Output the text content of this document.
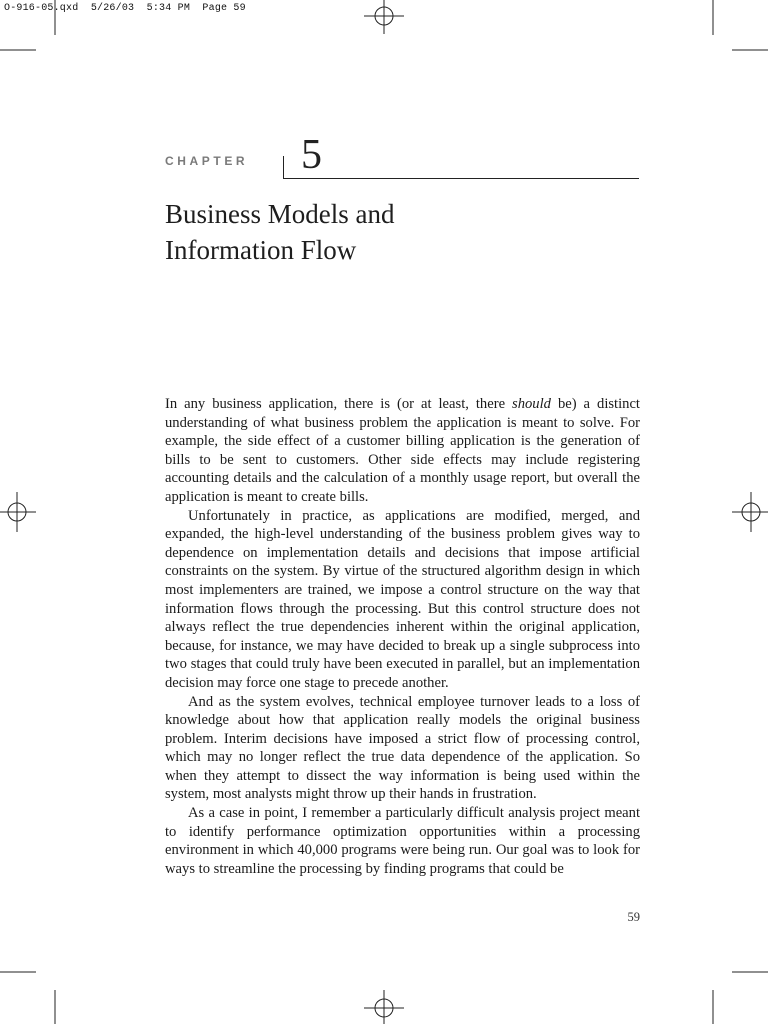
O-916-05.qxd  5/26/03  5:34 PM  Page 59
CHAPTER 5
Business Models and
Information Flow

In any business application, there is (or at least, there should be) a distinct understanding of what business problem the application is meant to solve. For example, the side effect of a customer billing application is the generation of bills to be sent to customers. Other side effects may include registering accounting details and the calculation of a monthly usage report, but overall the application is meant to create bills.

Unfortunately in practice, as applications are modified, merged, and expanded, the high-level understanding of the business problem gives way to dependence on implementation details and decisions that impose artificial constraints on the system. By virtue of the structured algorithm design in which most implementers are trained, we impose a control structure on the way that information flows through the processing. But this control structure does not always reflect the true dependencies inherent within the original application, because, for instance, we may have decided to break up a single subprocess into two stages that could truly have been executed in parallel, but an implementation decision may force one stage to precede another.

And as the system evolves, technical employee turnover leads to a loss of knowledge about how that application really models the original business problem. Interim decisions have imposed a strict flow of processing control, which may no longer reflect the true data dependence of the application. So when they attempt to dissect the way information is being used within the system, most analysts might throw up their hands in frustration.

As a case in point, I remember a particularly difficult analysis project meant to identify performance optimization opportunities within a processing environment in which 40,000 programs were being run. Our goal was to look for ways to streamline the processing by finding programs that could be

59
